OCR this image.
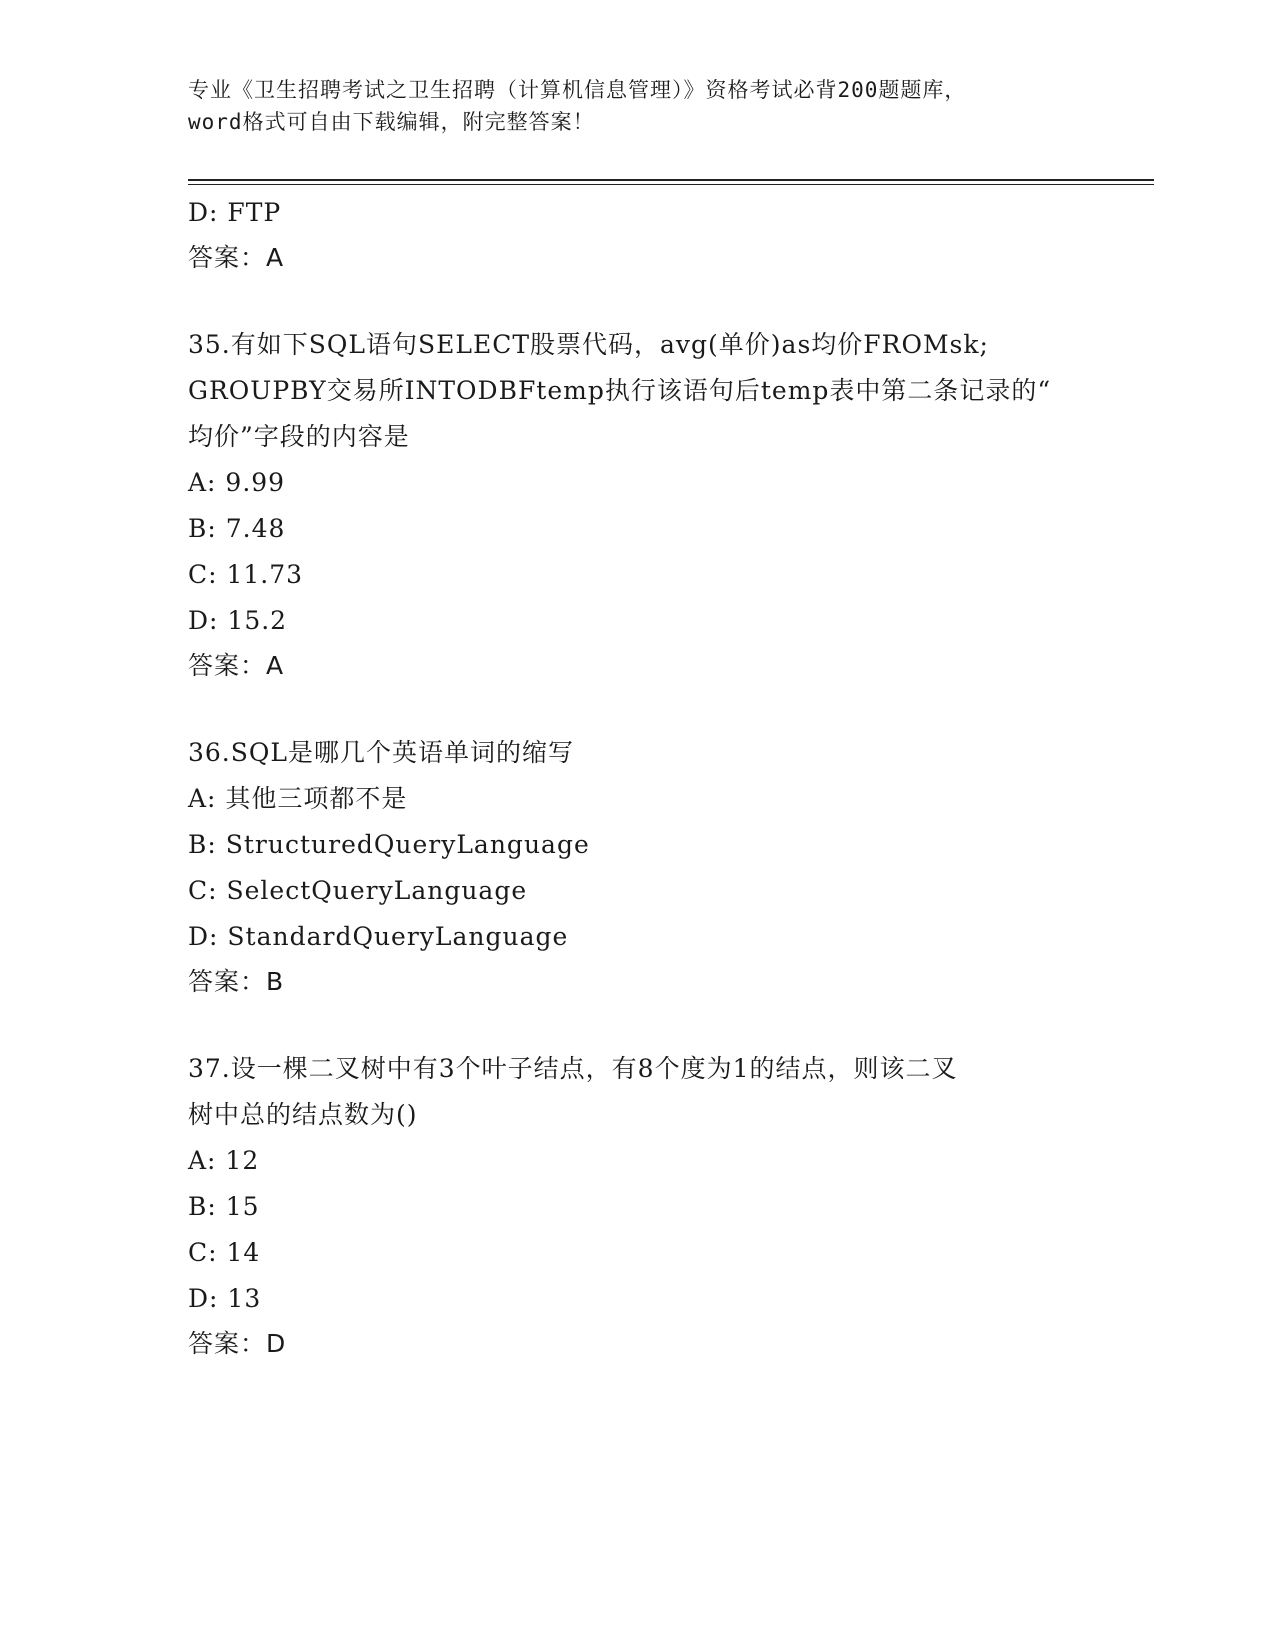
专业《卫生招聘考试之卫生招聘（计算机信息管理）》资格考试必背200题题库，
word格式可自由下载编辑，附完整答案！
D: FTP
答案：A
35.有如下SQL语句SELECT股票代码，avg(单价)as均价FROMsk;
GROUPBY交易所INTODBFtemp执行该语句后temp表中第二条记录的“
均价”字段的内容是
A: 9.99
B: 7.48
C: 11.73
D: 15.2
答案：A
36.SQL是哪几个英语单词的缩写
A: 其他三项都不是
B: StructuredQueryLanguage
C: SelectQueryLanguage
D: StandardQueryLanguage
答案：B
37.设一棵二叉树中有3个叶子结点，有8个度为1的结点，则该二叉
树中总的结点数为()
A: 12
B: 15
C: 14
D: 13
答案：D
